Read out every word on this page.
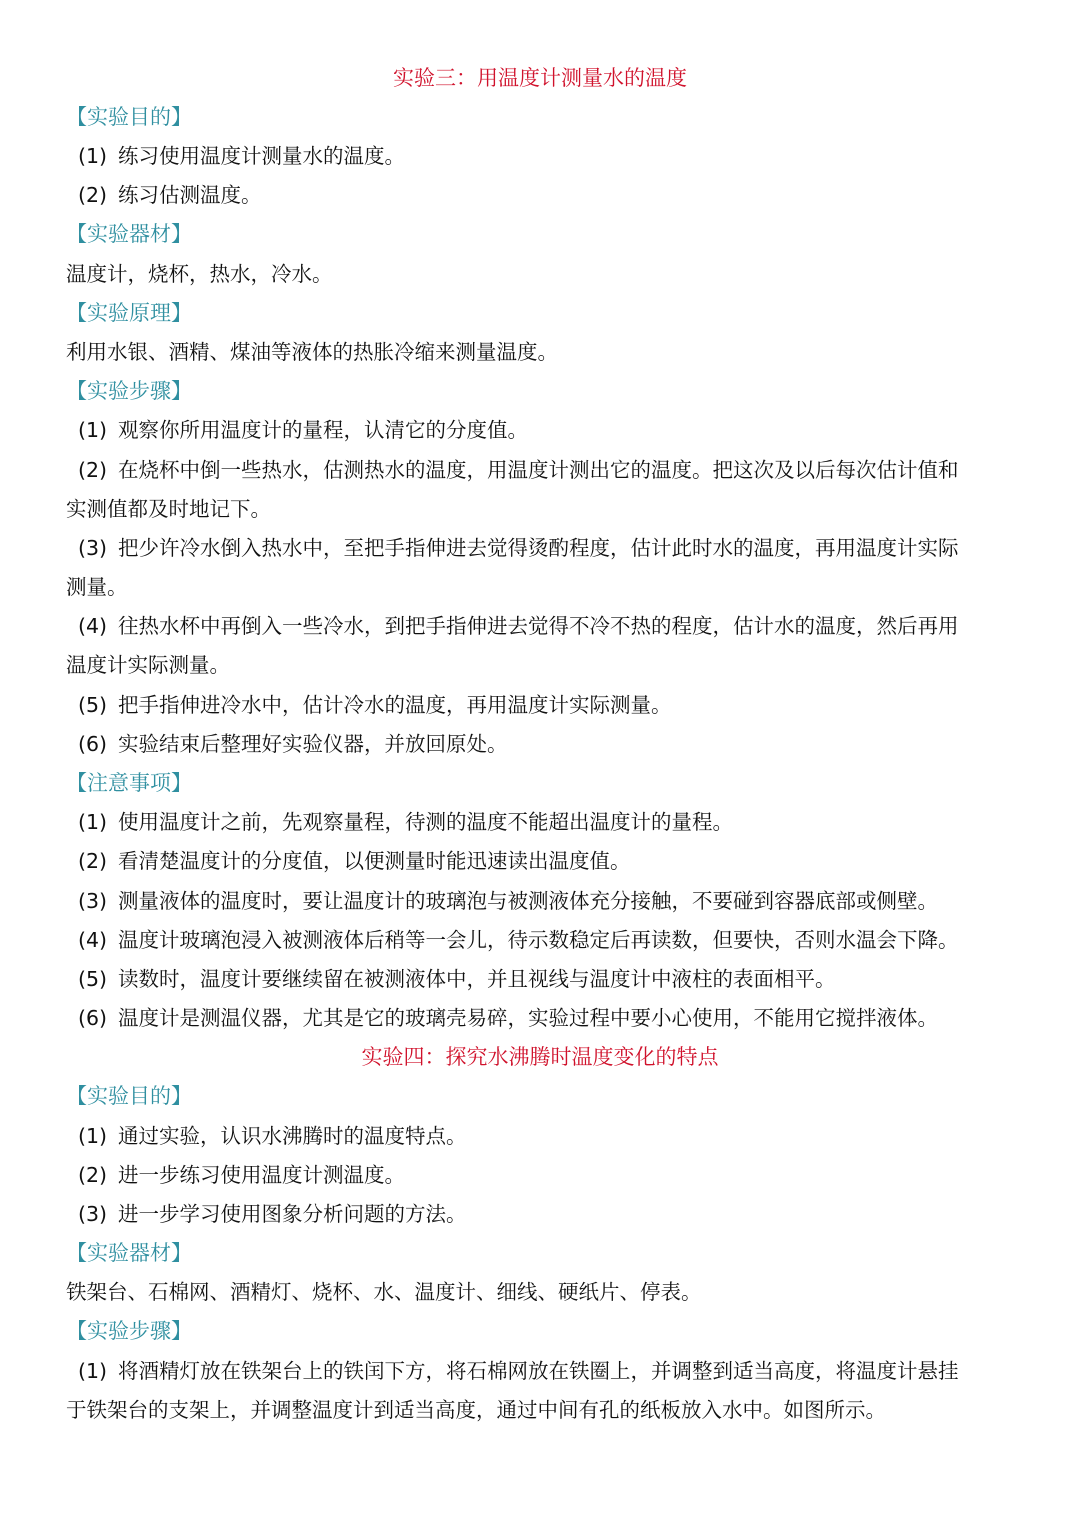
实验三：用温度计测量水的温度
【实验目的】
(1) 练习使用温度计测量水的温度。
(2) 练习估测温度。
【实验器材】
温度计，烧杯，热水，冷水。
【实验原理】
利用水银、酒精、煤油等液体的热胀冷缩来测量温度。
【实验步骤】
(1) 观察你所用温度计的量程，认清它的分度值。
(2) 在烧杯中倒一些热水，估测热水的温度，用温度计测出它的温度。把这次及以后每次估计值和
实测值都及时地记下。
(3) 把少许冷水倒入热水中，至把手指伸进去觉得烫酌程度，估计此时水的温度，再用温度计实际
测量。
(4) 往热水杯中再倒入一些冷水，到把手指伸进去觉得不冷不热的程度，估计水的温度，然后再用
温度计实际测量。
(5) 把手指伸进冷水中，估计冷水的温度，再用温度计实际测量。
(6) 实验结束后整理好实验仪器，并放回原处。
【注意事项】
(1) 使用温度计之前，先观察量程，待测的温度不能超出温度计的量程。
(2) 看清楚温度计的分度值，以便测量时能迅速读出温度值。
(3) 测量液体的温度时，要让温度计的玻璃泡与被测液体充分接触，不要碰到容器底部或侧壁。
(4) 温度计玻璃泡浸入被测液体后稍等一会儿，待示数稳定后再读数，但要快，否则水温会下降。
(5) 读数时，温度计要继续留在被测液体中，并且视线与温度计中液柱的表面相平。
(6) 温度计是测温仪器，尤其是它的玻璃壳易碎，实验过程中要小心使用，不能用它搅拌液体。
实验四：探究水沸腾时温度变化的特点
【实验目的】
(1) 通过实验，认识水沸腾时的温度特点。
(2) 进一步练习使用温度计测温度。
(3) 进一步学习使用图象分析问题的方法。
【实验器材】
铁架台、石棉网、酒精灯、烧杯、水、温度计、细线、硬纸片、停表。
【实验步骤】
(1) 将酒精灯放在铁架台上的铁闰下方，将石棉网放在铁圈上，并调整到适当高度，将温度计悬挂
于铁架台的支架上，并调整温度计到适当高度，通过中间有孔的纸板放入水中。如图所示。
